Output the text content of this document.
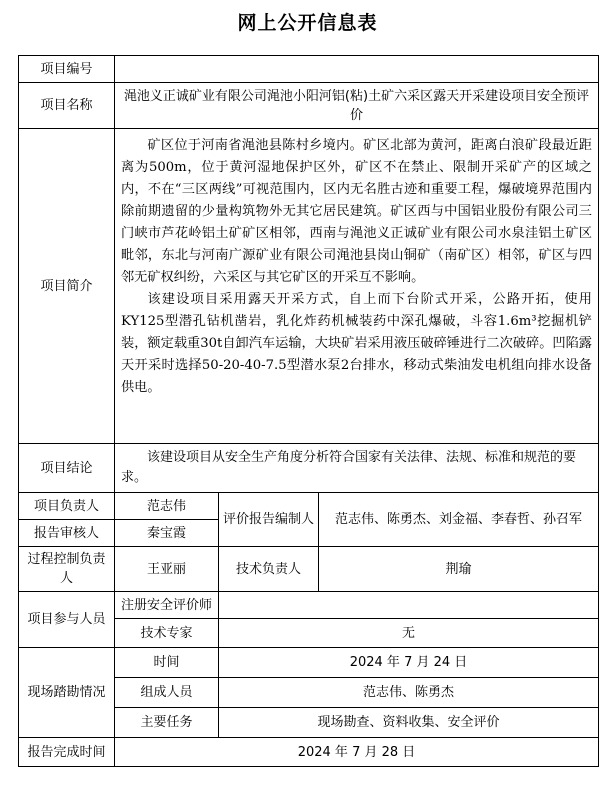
网上公开信息表
项目编号			
项目名称	渑池义正诚矿业有限公司渑池小阳河铝(粘)土矿六采区露天开采建设项目安全预评价		
项目简介	矿区位于河南省渑池县陈村乡境内。矿区北部为黄河，距离白浪矿段最近距离为500m，位于黄河湿地保护区外，矿区不在禁止、限制开采矿产的区域之内，不在“三区两线”可视范围内，区内无名胜古迹和重要工程，爆破境界范围内除前期遗留的少量构筑物外无其它居民建筑。矿区西与中国铝业股份有限公司三门峡市芦花岭铝土矿矿区相邻，西南与渑池义正诚矿业有限公司水泉洼铝土矿区毗邻，东北与河南广源矿业有限公司渑池县岗山铜矿（南矿区）相邻，矿区与四邻无矿权纠纷，六采区与其它矿区的开采互不影响。

该建设项目采用露天开采方式，自上而下台阶式开采，公路开拓，使用KY125型潜孔钻机凿岩，乳化炸药机械装药中深孔爆破，斗容1.6m³挖掘机铲装，额定载重30t自卸汽车运输，大块矿岩采用液压破碎锤进行二次破碎。凹陷露天开采时选择50-20-40-7.5型潜水泵2台排水，移动式柴油发电机组向排水设备供电。		

项目结论	该建设项目从安全生产角度分析符合国家有关法律、法规、标准和规范的要求。		

项目负责人	范志伟	评价报告编制人	范志伟、陈勇杰、刘金福、李春哲、孙召军
报告审核人	秦宝霞		
过程控制负责人	王亚丽	技术负责人	荆瑜
项目参与人员	注册安全评价师		
	技术专家	无	
现场踏勘情况	时间	2024 年 7 月 24 日	
	组成人员	范志伟、陈勇杰	
	主要任务	现场勘查、资料收集、安全评价	
报告完成时间	2024 年 7 月 28 日		
